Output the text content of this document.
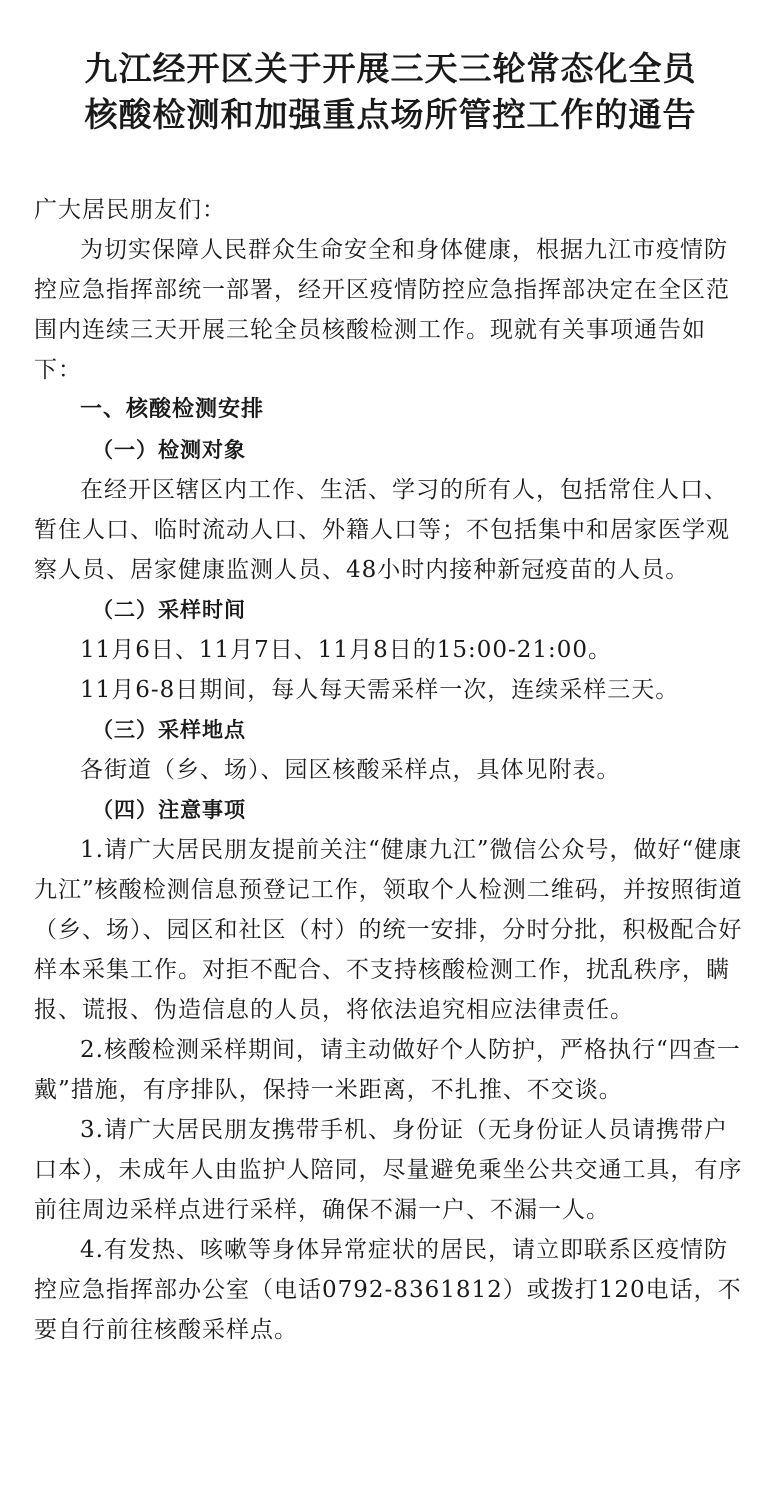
九江经开区关于开展三天三轮常态化全员
核酸检测和加强重点场所管控工作的通告

广大居民朋友们：

为切实保障人民群众生命安全和身体健康，根据九江市疫情防控应急指挥部统一部署，经开区疫情防控应急指挥部决定在全区范围内连续三天开展三轮全员核酸检测工作。现就有关事项通告如下：

一、核酸检测安排

（一）检测对象

在经开区辖区内工作、生活、学习的所有人，包括常住人口、暂住人口、临时流动人口、外籍人口等；不包括集中和居家医学观察人员、居家健康监测人员、48小时内接种新冠疫苗的人员。

（二）采样时间

11月6日、11月7日、11月8日的15:00-21:00。

11月6-8日期间，每人每天需采样一次，连续采样三天。

（三）采样地点

各街道（乡、场）、园区核酸采样点，具体见附表。

（四）注意事项

1.请广大居民朋友提前关注“健康九江”微信公众号，做好“健康九江”核酸检测信息预登记工作，领取个人检测二维码，并按照街道（乡、场）、园区和社区（村）的统一安排，分时分批，积极配合好样本采集工作。对拒不配合、不支持核酸检测工作，扰乱秩序，瞒报、谎报、伪造信息的人员，将依法追究相应法律责任。

2.核酸检测采样期间，请主动做好个人防护，严格执行“四查一戴”措施，有序排队，保持一米距离，不扎推、不交谈。

3.请广大居民朋友携带手机、身份证（无身份证人员请携带户口本），未成年人由监护人陪同，尽量避免乘坐公共交通工具，有序前往周边采样点进行采样，确保不漏一户、不漏一人。

4.有发热、咳嗽等身体异常症状的居民，请立即联系区疫情防控应急指挥部办公室（电话0792-8361812）或拨打120电话，不要自行前往核酸采样点。
